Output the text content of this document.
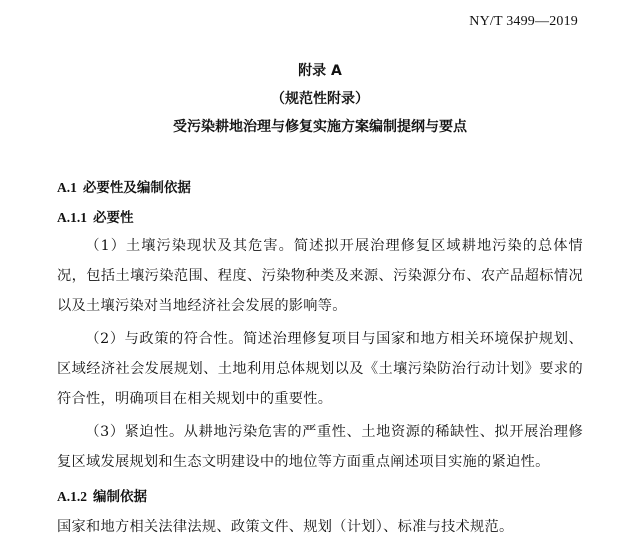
NY/T 3499—2019
附录 A
（规范性附录）
受污染耕地治理与修复实施方案编制提纲与要点
A.1 必要性及编制依据
A.1.1 必要性
（1）土壤污染现状及其危害。简述拟开展治理修复区域耕地污染的总体情况，包括土壤污染范围、程度、污染物种类及来源、污染源分布、农产品超标情况以及土壤污染对当地经济社会发展的影响等。
（2）与政策的符合性。简述治理修复项目与国家和地方相关环境保护规划、区域经济社会发展规划、土地利用总体规划以及《土壤污染防治行动计划》要求的符合性，明确项目在相关规划中的重要性。
（3）紧迫性。从耕地污染危害的严重性、土地资源的稀缺性、拟开展治理修复区域发展规划和生态文明建设中的地位等方面重点阐述项目实施的紧迫性。
A.1.2 编制依据
国家和地方相关法律法规、政策文件、规划（计划）、标准与技术规范。
